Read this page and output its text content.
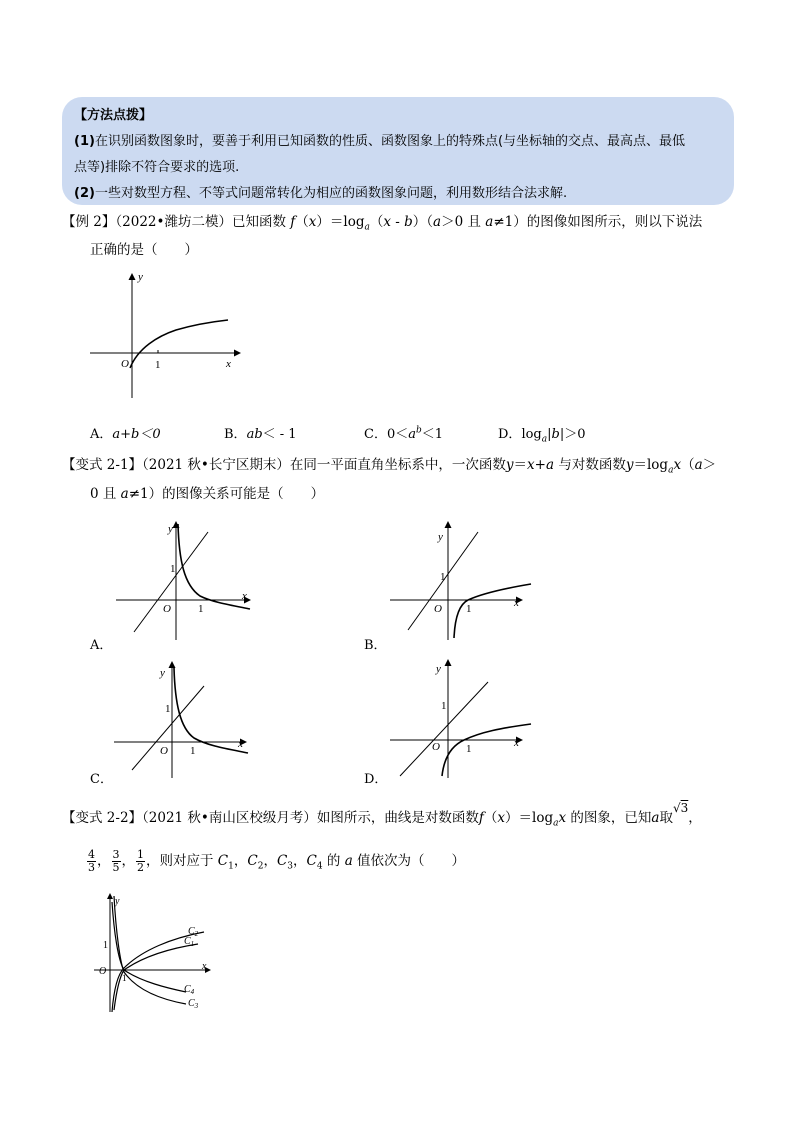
【方法点拨】
(1)在识别函数图象时，要善于利用已知函数的性质、函数图象上的特殊点(与坐标轴的交点、最高点、最低
点等)排除不符合要求的选项.
(2)一些对数型方程、不等式问题常转化为相应的函数图象问题，利用数形结合法求解.
【例 2】（2022•潍坊二模）已知函数 $f(x)=\log_a(x - b)(a>0$ 且 a≠1）的图像如图所示，则以下说法
正确的是（　　）
y
x
O 1
A．a+b＜0	B．ab＜ - 1	C．$0<a^b<1$	D．$\log_a|b|>0$
【变式 2-1】（2021 秋•长宁区期末）在同一平面直角坐标系中，一次函数y＝x+a 与对数函数$y=\log_ax(a>$
0 且 a≠1）的图像关系可能是（　　）
y
x
O
1
1
A．
y
x
O
1
1
B．
y
x
O
1
1
C．
y
x
O
1
1
D．
【变式 2-2】（2021 秋•南山区校级月考）如图所示，曲线是对数函数$f(x)=\log_ax$ 的图象，已知a取√3，
$\frac{4}{3}$ ， $\frac{3}{5}$ ， $\frac{1}{2}$ ，则对应于 $C_1$，$C_2$，$C_3$，$C_4$ 的 a 值依次为（　　）
y
x
O
1
1
$C_2$
$C_1$
$C_4$
$C_3$
